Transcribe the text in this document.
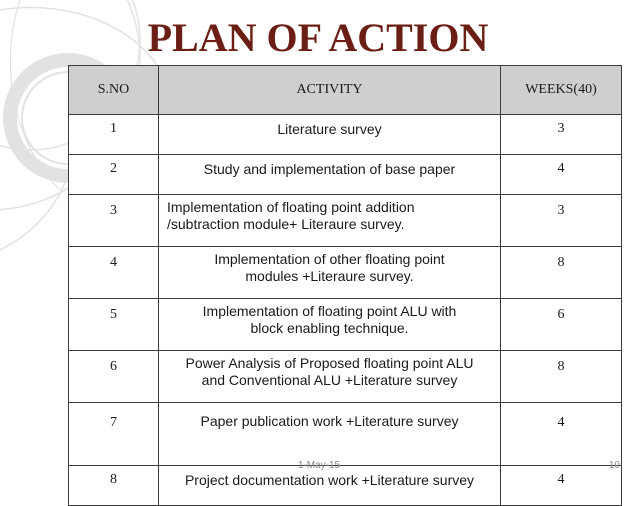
PLAN OF ACTION
S.NO	ACTIVITY	WEEKS(40)
1	Literature survey	3
2	Study and implementation of base paper	4
3	Implementation of floating point addition
/subtraction module+ Literaure survey.	3
4	Implementation of other floating point
modules +Literaure survey.	8
5	Implementation of floating point ALU with
block enabling technique.	6
6	Power Analysis of Proposed floating point ALU
and Conventional ALU +Literature survey	8
7	Paper publication work +Literature survey	4
8	Project documentation work +Literature survey	4
1-May-15	10
